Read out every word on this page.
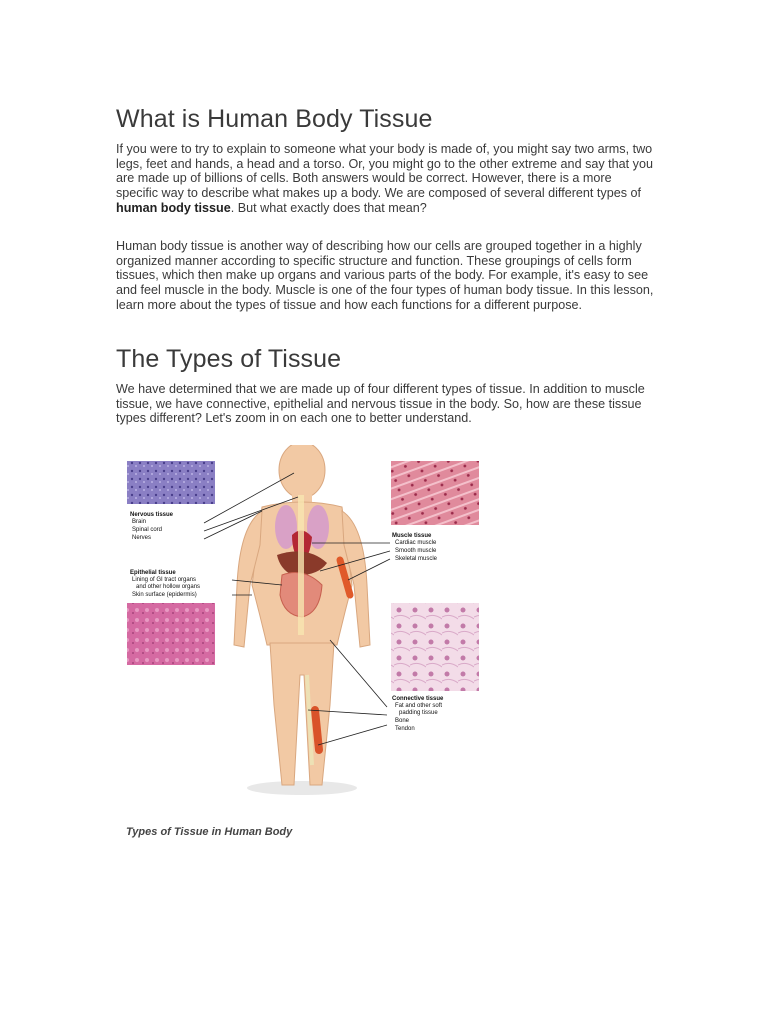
What is Human Body Tissue

If you were to try to explain to someone what your body is made of, you might say two arms, two legs, feet and hands, a head and a torso. Or, you might go to the other extreme and say that you are made up of billions of cells. Both answers would be correct. However, there is a more specific way to describe what makes up a body. We are composed of several different types of human body tissue. But what exactly does that mean?

Human body tissue is another way of describing how our cells are grouped together in a highly organized manner according to specific structure and function. These groupings of cells form tissues, which then make up organs and various parts of the body. For example, it's easy to see and feel muscle in the body. Muscle is one of the four types of human body tissue. In this lesson, learn more about the types of tissue and how each functions for a different purpose.

The Types of Tissue

We have determined that we are made up of four different types of tissue. In addition to muscle tissue, we have connective, epithelial and nervous tissue in the body. So, how are these tissue types different? Let's zoom in on each one to better understand.

Nervous tissue
Brain
Spinal cord
Nerves
Epithelial tissue
Lining of GI tract organs
and other hollow organs
Skin surface (epidermis)
Muscle tissue
Cardiac muscle
Smooth muscle
Skeletal muscle
Connective tissue
Fat and other soft
padding tissue
Bone
Tendon
Types of Tissue in Human Body
